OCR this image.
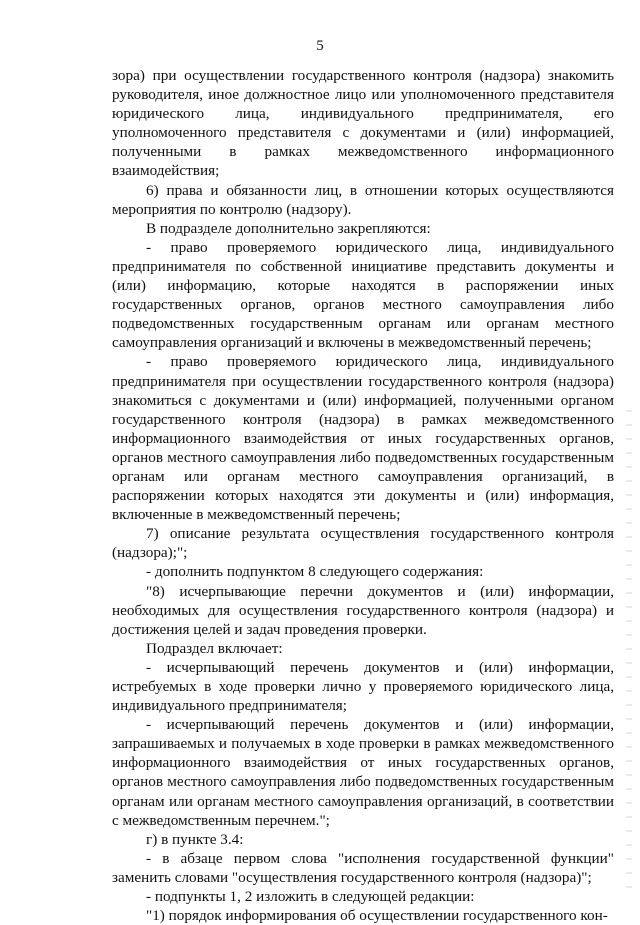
5

зора) при осуществлении государственного контроля (надзора) знакомить руководителя, иное должностное лицо или уполномоченного представителя юридического лица, индивидуального предпринимателя, его уполномоченного представителя с документами и (или) информацией, полученными в рамках межведомственного информационного взаимодействия;

6) права и обязанности лиц, в отношении которых осуществляются мероприятия по контролю (надзору).

В подразделе дополнительно закрепляются:

- право проверяемого юридического лица, индивидуального предпринимателя по собственной инициативе представить документы и (или) информацию, которые находятся в распоряжении иных государственных органов, органов местного самоуправления либо подведомственных государственным органам или органам местного самоуправления организаций и включены в межведомственный перечень;

- право проверяемого юридического лица, индивидуального предпринимателя при осуществлении государственного контроля (надзора) знакомиться с документами и (или) информацией, полученными органом государственного контроля (надзора) в рамках межведомственного информационного взаимодействия от иных государственных органов, органов местного самоуправления либо подведомственных государственным органам или органам местного самоуправления организаций, в распоряжении которых находятся эти документы и (или) информация, включенные в межведомственный перечень;

7) описание результата осуществления государственного контроля (надзора);";

- дополнить подпунктом 8 следующего содержания:

"8) исчерпывающие перечни документов и (или) информации, необходимых для осуществления государственного контроля (надзора) и достижения целей и задач проведения проверки.

Подраздел включает:

- исчерпывающий перечень документов и (или) информации, истребуемых в ходе проверки лично у проверяемого юридического лица, индивидуального предпринимателя;

- исчерпывающий перечень документов и (или) информации, запрашиваемых и получаемых в ходе проверки в рамках межведомственного информационного взаимодействия от иных государственных органов, органов местного самоуправления либо подведомственных государственным органам или органам местного самоуправления организаций, в соответствии с межведомственным перечнем.";

г) в пункте 3.4:

- в абзаце первом слова "исполнения государственной функции" заменить словами "осуществления государственного контроля (надзора)";

- подпункты 1, 2 изложить в следующей редакции:

"1) порядок информирования об осуществлении государственного кон-
